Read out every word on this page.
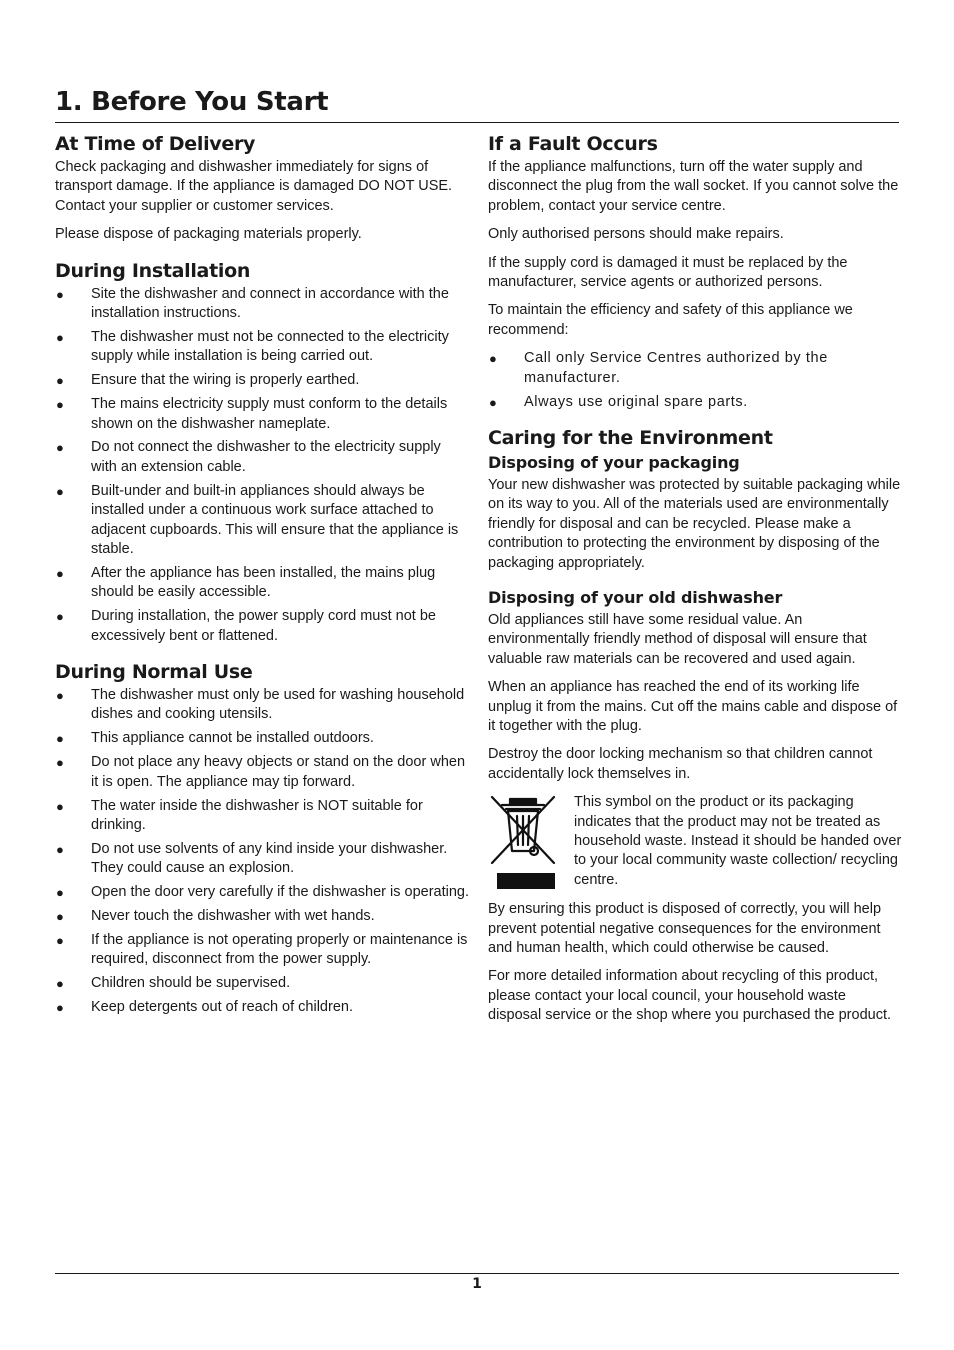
1. Before You Start
At Time of Delivery

Check packaging and dishwasher immediately for signs of transport damage. If the appliance is damaged DO NOT USE. Contact your supplier or customer services.

Please dispose of packaging materials properly.

During Installation
● Site the dishwasher and connect in accordance with the installation instructions.
● The dishwasher must not be connected to the electricity supply while installation is being carried out.
● Ensure that the wiring is properly earthed.
● The mains electricity supply must conform to the details shown on the dishwasher nameplate.
● Do not connect the dishwasher to the electricity supply with an extension cable.
● Built-under and built-in appliances should always be installed under a continuous work surface attached to adjacent cupboards. This will ensure that the appliance is stable.
● After the appliance has been installed, the mains plug should be easily accessible.
● During installation, the power supply cord must not be excessively bent or flattened.
During Normal Use
● The dishwasher must only be used for washing household dishes and cooking utensils.
● This appliance cannot be installed outdoors.
● Do not place any heavy objects or stand on the door when it is open. The appliance may tip forward.
● The water inside the dishwasher is NOT suitable for drinking.
● Do not use solvents of any kind inside your dishwasher. They could cause an explosion.
● Open the door very carefully if the dishwasher is operating.
● Never touch the dishwasher with wet hands.
● If the appliance is not operating properly or maintenance is required, disconnect from the power supply.
● Children should be supervised.
● Keep detergents out of reach of children.
If a Fault Occurs

If the appliance malfunctions, turn off the water supply and disconnect the plug from the wall socket. If you cannot solve the problem, contact your service centre.

Only authorised persons should make repairs.

If the supply cord is damaged it must be replaced by the manufacturer, service agents or authorized persons.

To maintain the efficiency and safety of this appliance we recommend:

● Call only Service Centres authorized by the manufacturer.
● Always use original spare parts.
Caring for the Environment
Disposing of your packaging

Your new dishwasher was protected by suitable packaging while on its way to you. All of the materials used are environmentally friendly for disposal and can be recycled. Please make a contribution to protecting the environment by disposing of the packaging appropriately.

Disposing of your old dishwasher

Old appliances still have some residual value. An environmentally friendly method of disposal will ensure that valuable raw materials can be recovered and used again.

When an appliance has reached the end of its working life unplug it from the mains. Cut off the mains cable and dispose of it together with the plug.

Destroy the door locking mechanism so that children cannot accidentally lock themselves in.

This symbol on the product or its packaging indicates that the product may not be treated as household waste. Instead it should be handed over to your local community waste collection/ recycling centre.

By ensuring this product is disposed of correctly, you will help prevent potential negative consequences for the environment and human health, which could otherwise be caused.

For more detailed information about recycling of this product, please contact your local council, your household waste disposal service or the shop where you purchased the product.

1
